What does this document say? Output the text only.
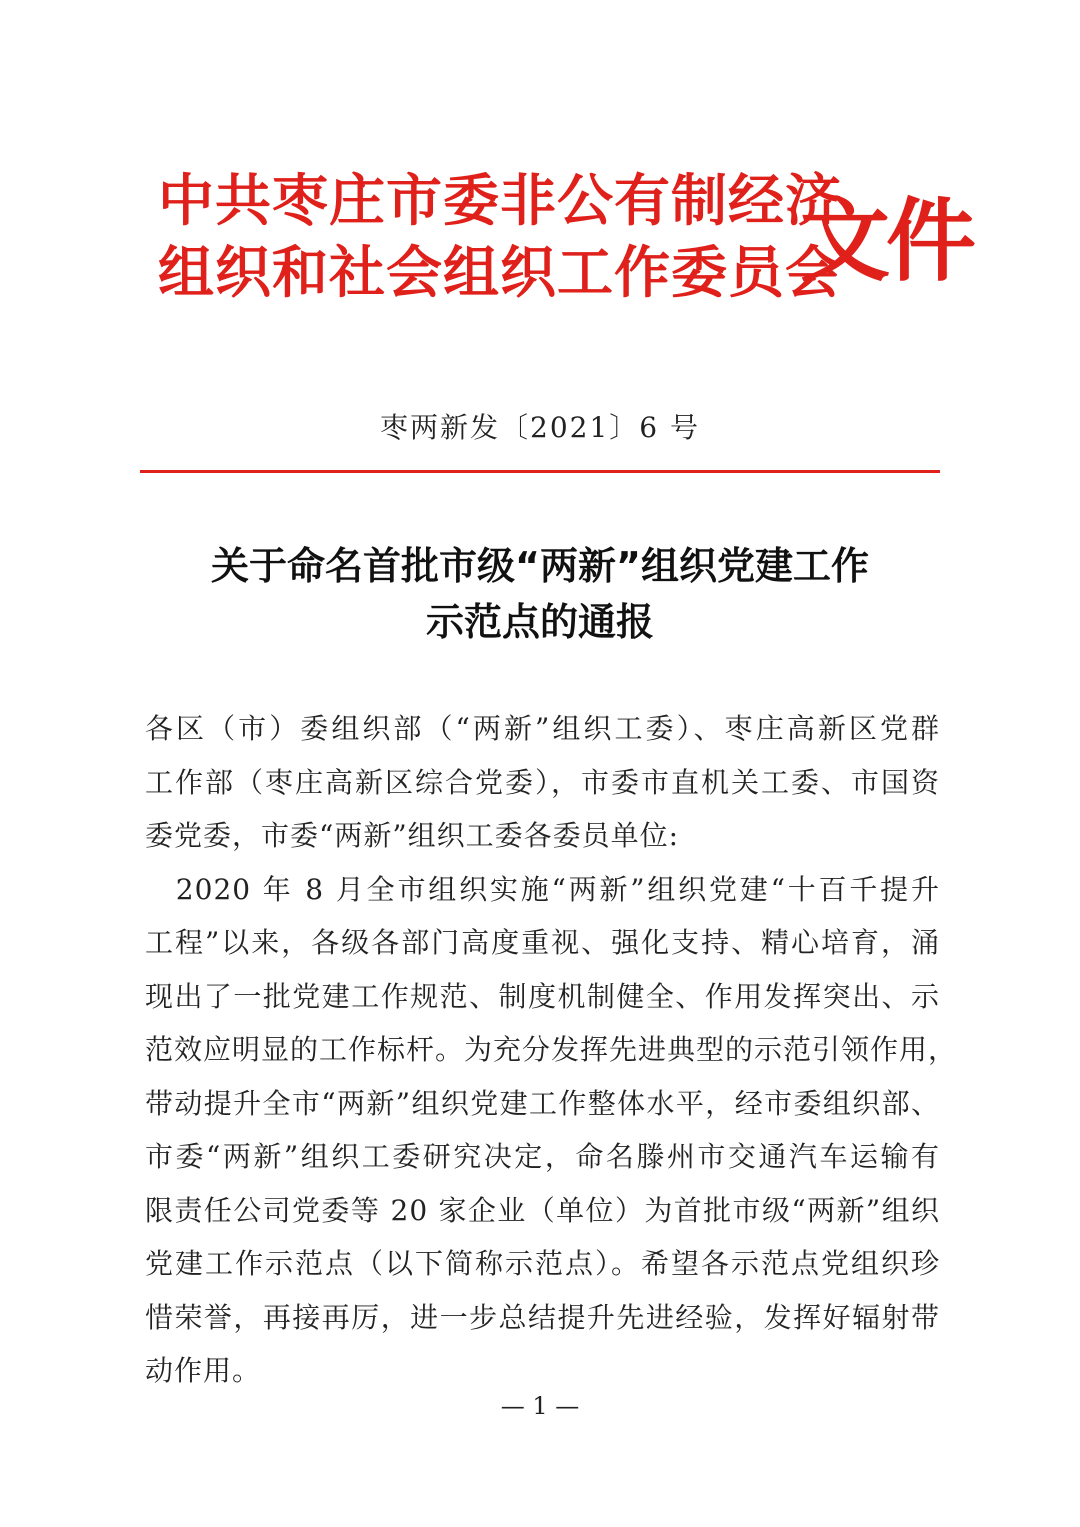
中共枣庄市委非公有制经济
组织和社会组织工作委员会
文件
枣两新发〔2021〕6 号
关于命名首批市级“两新”组织党建工作
示范点的通报
各区（市）委组织部（“两新”组织工委）、枣庄高新区党群
工作部（枣庄高新区综合党委），市委市直机关工委、市国资
委党委，市委“两新”组织工委各委员单位:
　2020 年 8 月全市组织实施“两新”组织党建“十百千提升
工程”以来，各级各部门高度重视、强化支持、精心培育，涌
现出了一批党建工作规范、制度机制健全、作用发挥突出、示
范效应明显的工作标杆。为充分发挥先进典型的示范引领作用，
带动提升全市“两新”组织党建工作整体水平，经市委组织部、
市委“两新”组织工委研究决定，命名滕州市交通汽车运输有
限责任公司党委等 20 家企业（单位）为首批市级“两新”组织
党建工作示范点（以下简称示范点）。希望各示范点党组织珍
惜荣誉，再接再厉，进一步总结提升先进经验，发挥好辐射带
动作用。
— 1 —
